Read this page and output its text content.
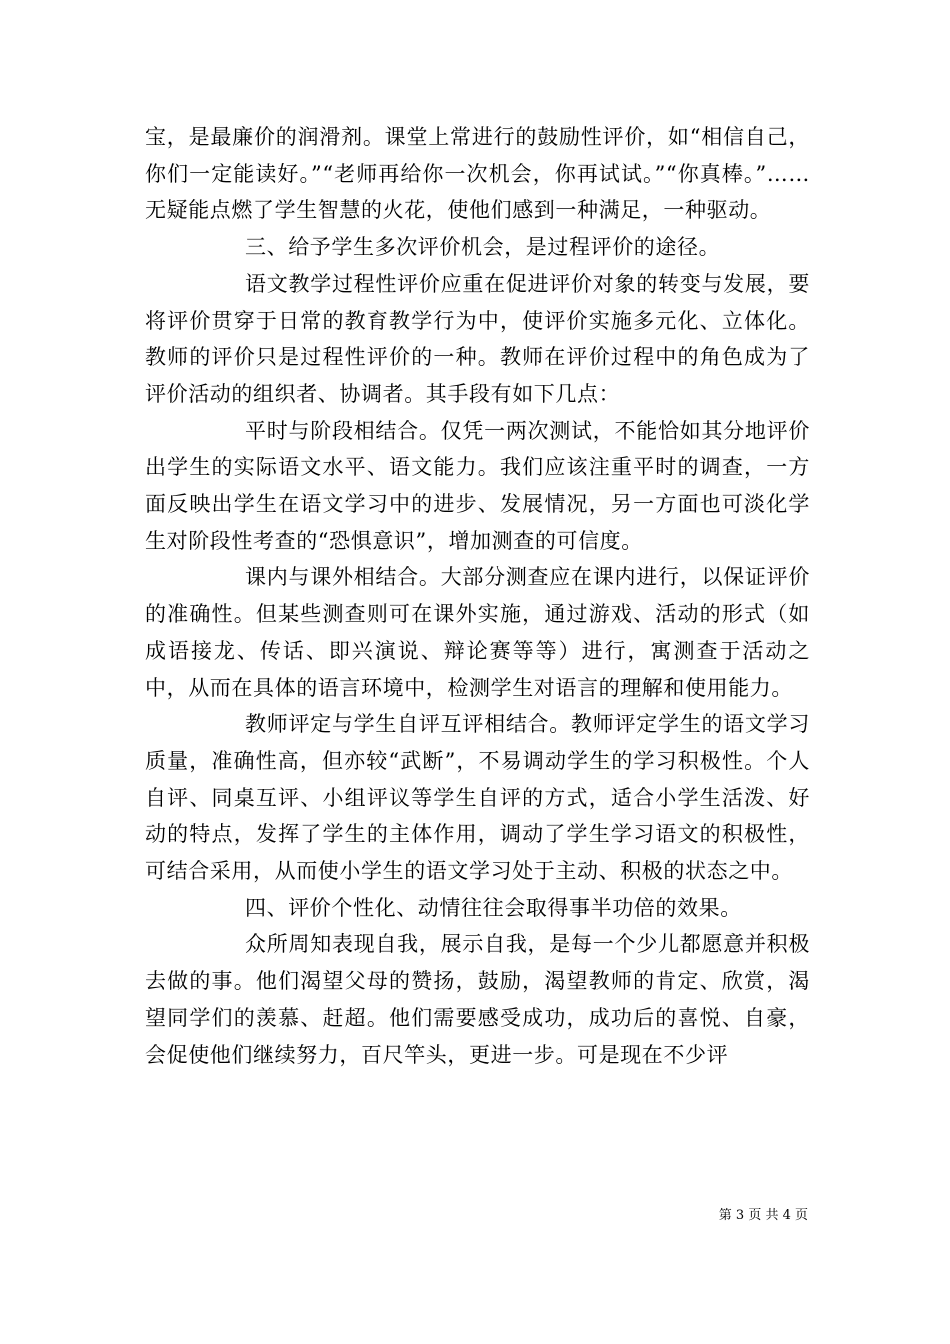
宝，是最廉价的润滑剂。课堂上常进行的鼓励性评价，如“相信自己，你们一定能读好。”“老师再给你一次机会，你再试试。”“你真棒。”……无疑能点燃了学生智慧的火花，使他们感到一种满足，一种驱动。

三、给予学生多次评价机会，是过程评价的途径。

语文教学过程性评价应重在促进评价对象的转变与发展，要将评价贯穿于日常的教育教学行为中，使评价实施多元化、立体化。教师的评价只是过程性评价的一种。教师在评价过程中的角色成为了评价活动的组织者、协调者。其手段有如下几点：

平时与阶段相结合。仅凭一两次测试，不能恰如其分地评价出学生的实际语文水平、语文能力。我们应该注重平时的调查，一方面反映出学生在语文学习中的进步、发展情况，另一方面也可淡化学生对阶段性考查的“恐惧意识”，增加测查的可信度。

课内与课外相结合。大部分测查应在课内进行，以保证评价的准确性。但某些测查则可在课外实施，通过游戏、活动的形式（如成语接龙、传话、即兴演说、辩论赛等等）进行，寓测查于活动之中，从而在具体的语言环境中，检测学生对语言的理解和使用能力。

教师评定与学生自评互评相结合。教师评定学生的语文学习质量，准确性高，但亦较“武断”，不易调动学生的学习积极性。个人自评、同桌互评、小组评议等学生自评的方式，适合小学生活泼、好动的特点，发挥了学生的主体作用，调动了学生学习语文的积极性，可结合采用，从而使小学生的语文学习处于主动、积极的状态之中。

四、评价个性化、动情往往会取得事半功倍的效果。

众所周知表现自我，展示自我，是每一个少儿都愿意并积极去做的事。他们渴望父母的赞扬，鼓励，渴望教师的肯定、欣赏，渴望同学们的羡慕、赶超。他们需要感受成功，成功后的喜悦、自豪，会促使他们继续努力，百尺竿头，更进一步。可是现在不少评

第 3 页 共 4 页
